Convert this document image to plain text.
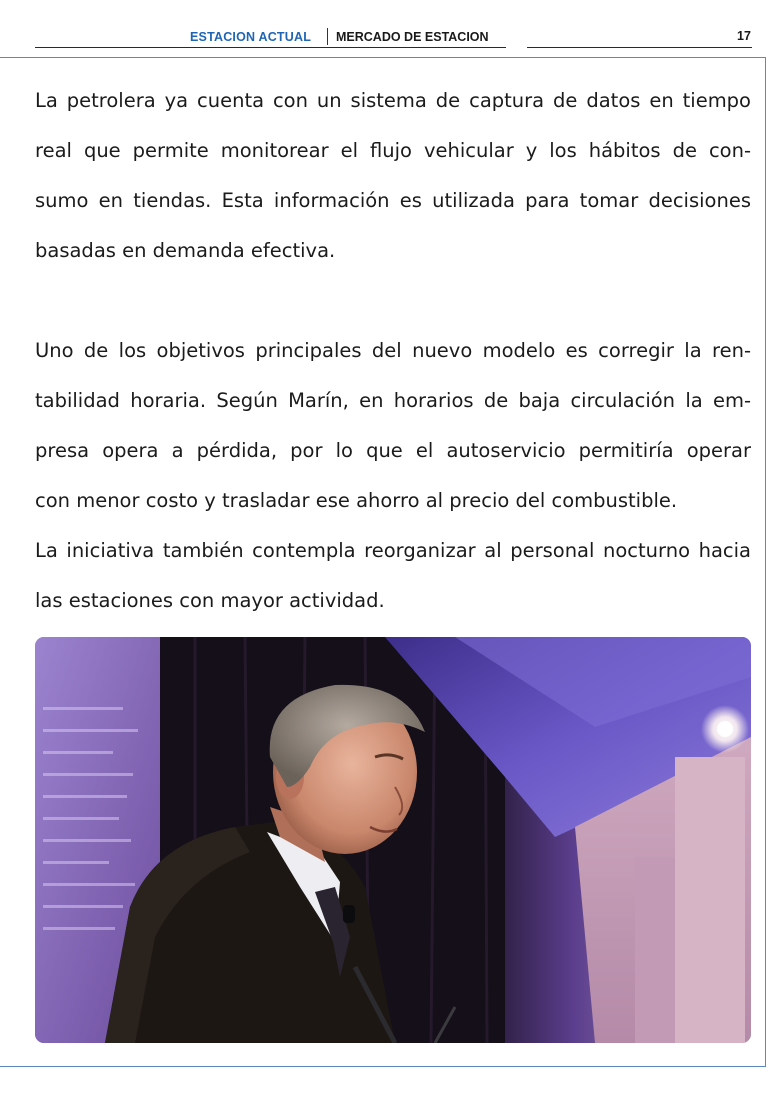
ESTACION ACTUAL MERCADO DE ESTACION	17
La petrolera ya cuenta con un sistema de captura de datos en tiempo
real que permite monitorear el flujo vehicular y los hábitos de con-
sumo en tiendas. Esta información es utilizada para tomar decisiones
basadas en demanda efectiva.
Uno de los objetivos principales del nuevo modelo es corregir la ren-
tabilidad horaria. Según Marín, en horarios de baja circulación la em-
presa opera a pérdida, por lo que el autoservicio permitiría operar
con menor costo y trasladar ese ahorro al precio del combustible.
La iniciativa también contempla reorganizar al personal nocturno hacia
las estaciones con mayor actividad.
